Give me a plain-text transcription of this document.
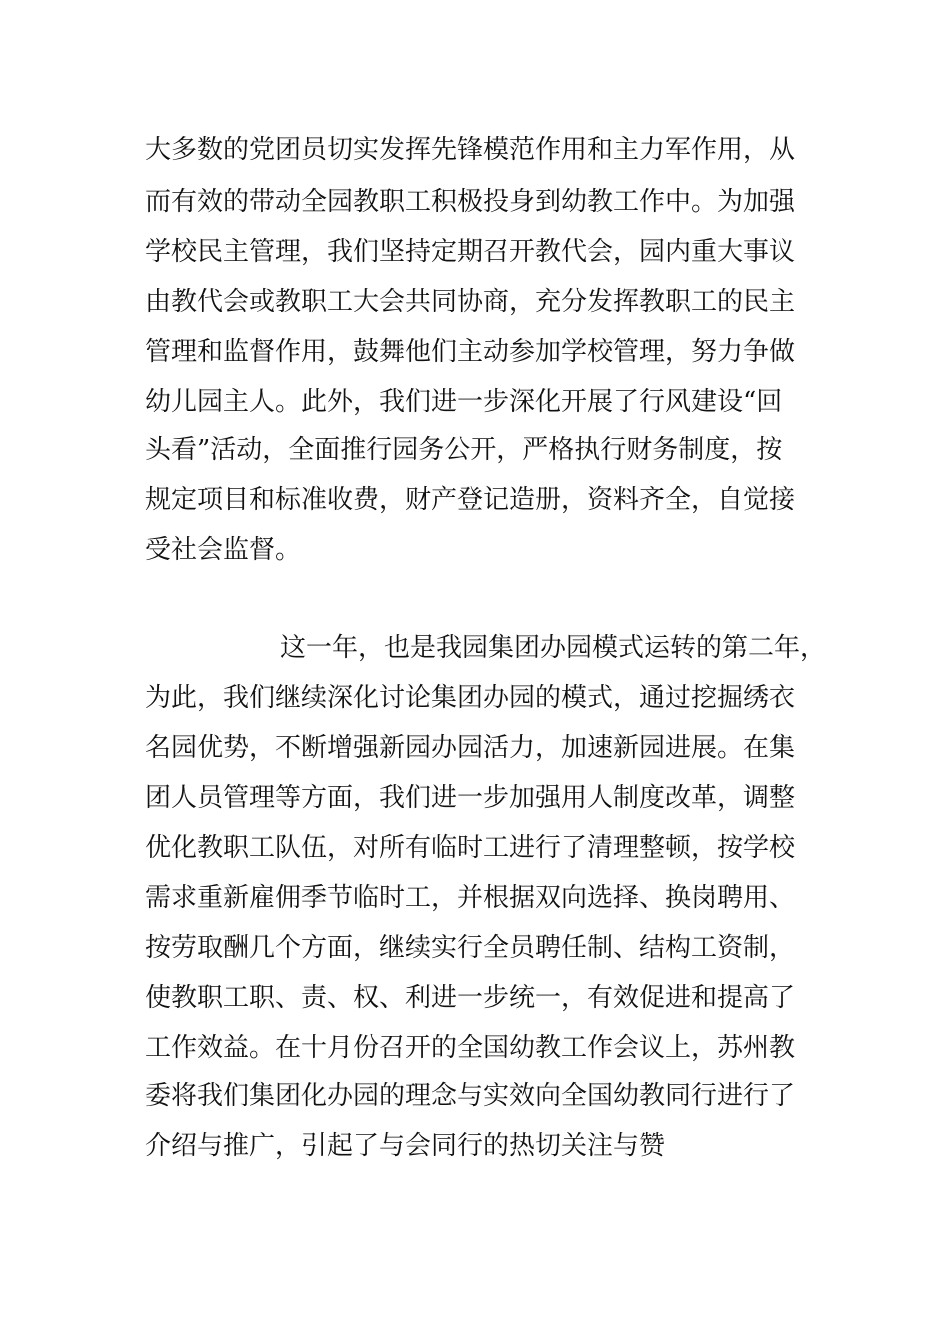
大多数的党团员切实发挥先锋模范作用和主力军作用，从
而有效的带动全园教职工积极投身到幼教工作中。为加强
学校民主管理，我们坚持定期召开教代会，园内重大事议
由教代会或教职工大会共同协商，充分发挥教职工的民主
管理和监督作用，鼓舞他们主动参加学校管理，努力争做
幼儿园主人。此外，我们进一步深化开展了行风建设“回
头看”活动，全面推行园务公开，严格执行财务制度，按
规定项目和标准收费，财产登记造册，资料齐全，自觉接
受社会监督。
这一年，也是我园集团办园模式运转的第二年，
为此，我们继续深化讨论集团办园的模式，通过挖掘绣衣
名园优势，不断增强新园办园活力，加速新园进展。在集
团人员管理等方面，我们进一步加强用人制度改革，调整
优化教职工队伍，对所有临时工进行了清理整顿，按学校
需求重新雇佣季节临时工，并根据双向选择、换岗聘用、
按劳取酬几个方面，继续实行全员聘任制、结构工资制，
使教职工职、责、权、利进一步统一，有效促进和提高了
工作效益。在十月份召开的全国幼教工作会议上，苏州教
委将我们集团化办园的理念与实效向全国幼教同行进行了
介绍与推广，引起了与会同行的热切关注与赞
